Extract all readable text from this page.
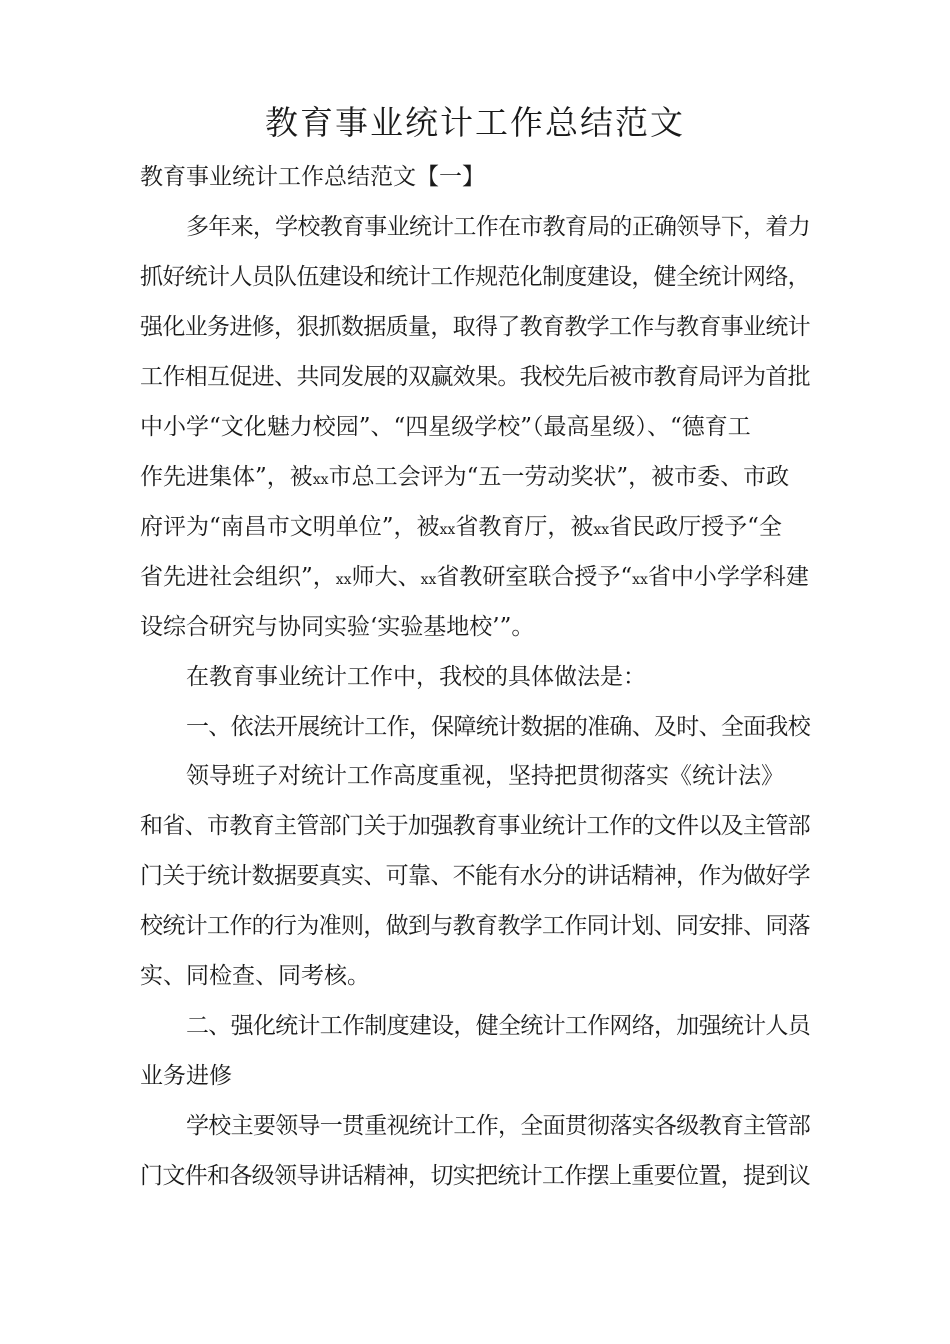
教育事业统计工作总结范文

教育事业统计工作总结范文【一】

多年来，学校教育事业统计工作在市教育局的正确领导下，着力

抓好统计人员队伍建设和统计工作规范化制度建设，健全统计网络，

强化业务进修，狠抓数据质量，取得了教育教学工作与教育事业统计

工作相互促进、共同发展的双赢效果。我校先后被市教育局评为首批

中小学“文化魅力校园”、“四星级学校”（最高星级）、“德育工

作先进集体”，被xx市总工会评为“五一劳动奖状”，被市委、市政

府评为“南昌市文明单位”，被xx省教育厅，被xx省民政厅授予“全

省先进社会组织”，xx师大、xx省教研室联合授予“xx省中小学学科建

设综合研究与协同实验‘实验基地校’”。

在教育事业统计工作中，我校的具体做法是：

一、依法开展统计工作，保障统计数据的准确、及时、全面我校

领导班子对统计工作高度重视，坚持把贯彻落实《统计法》

和省、市教育主管部门关于加强教育事业统计工作的文件以及主管部

门关于统计数据要真实、可靠、不能有水分的讲话精神，作为做好学

校统计工作的行为准则，做到与教育教学工作同计划、同安排、同落

实、同检查、同考核。

二、强化统计工作制度建设，健全统计工作网络，加强统计人员

业务进修

学校主要领导一贯重视统计工作，全面贯彻落实各级教育主管部

门文件和各级领导讲话精神，切实把统计工作摆上重要位置，提到议
